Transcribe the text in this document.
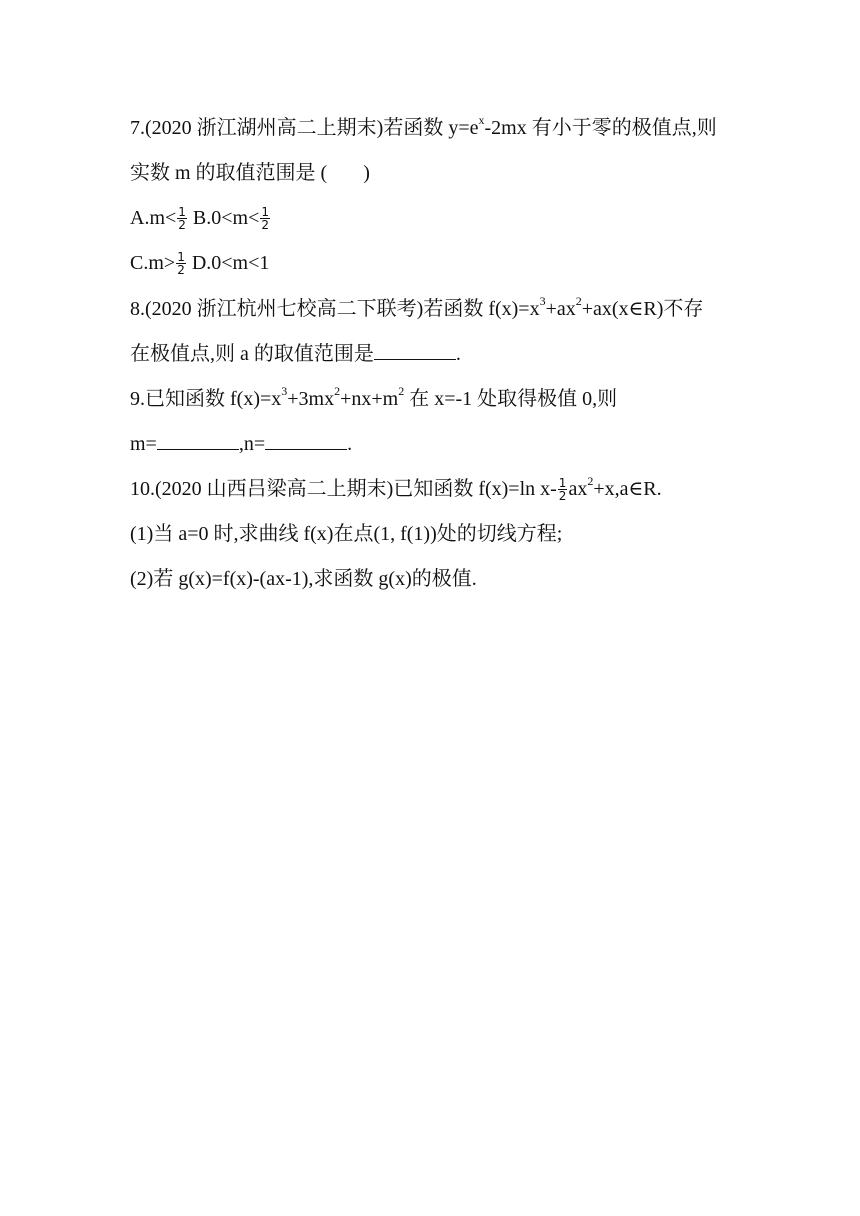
7.(2020 浙江湖州高二上期末)若函数 $y=e^x-2mx$ 有小于零的极值点,则
实数 m 的取值范围是 ( )
$A.m< \frac{1}{2} B.0<m< \frac{1}{2}$
$C.m> \frac{1}{2} D.0<m<1$
8.(2020 浙江杭州七校高二下联考)若函数 $f(x)=x^3+ax^2+ax(x\in R)$不存
在极值点,则 a 的取值范围是	.
9.已知函数 $f(x)=x^3+3mx^2+nx+m^2$ 在 x=-1 处取得极值 0,则
m=	,n=	.
10.(2020 山西吕梁高二上期末)已知函数 f(x)=ln $x- \frac{1}{2}$ $ax^2+x,a\in R$.
(1)当 a=0 时,求曲线 f(x)在点(1, f(1))处的切线方程;
(2)若 g(x)=f(x)-(ax-1),求函数 g(x)的极值.
